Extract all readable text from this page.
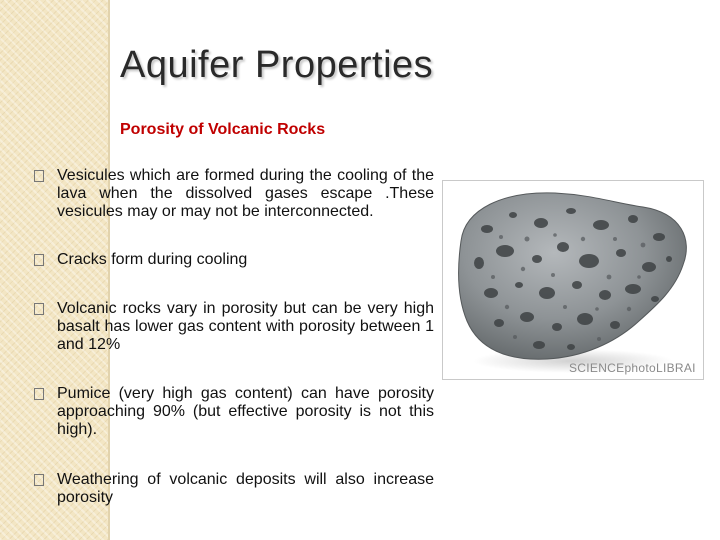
Aquifer Properties
Porosity of Volcanic Rocks
Vesicules which are formed during the cooling of the lava when the dissolved gases escape .These vesicules may or may not be interconnected.
Cracks form during cooling
Volcanic rocks vary in porosity but can be very high basalt has lower gas content with porosity between 1 and 12%
Pumice (very high gas content) can have porosity approaching 90% (but effective porosity is not this high).
Weathering of volcanic deposits will also increase porosity
SCIENCEphotoLIBRAI
